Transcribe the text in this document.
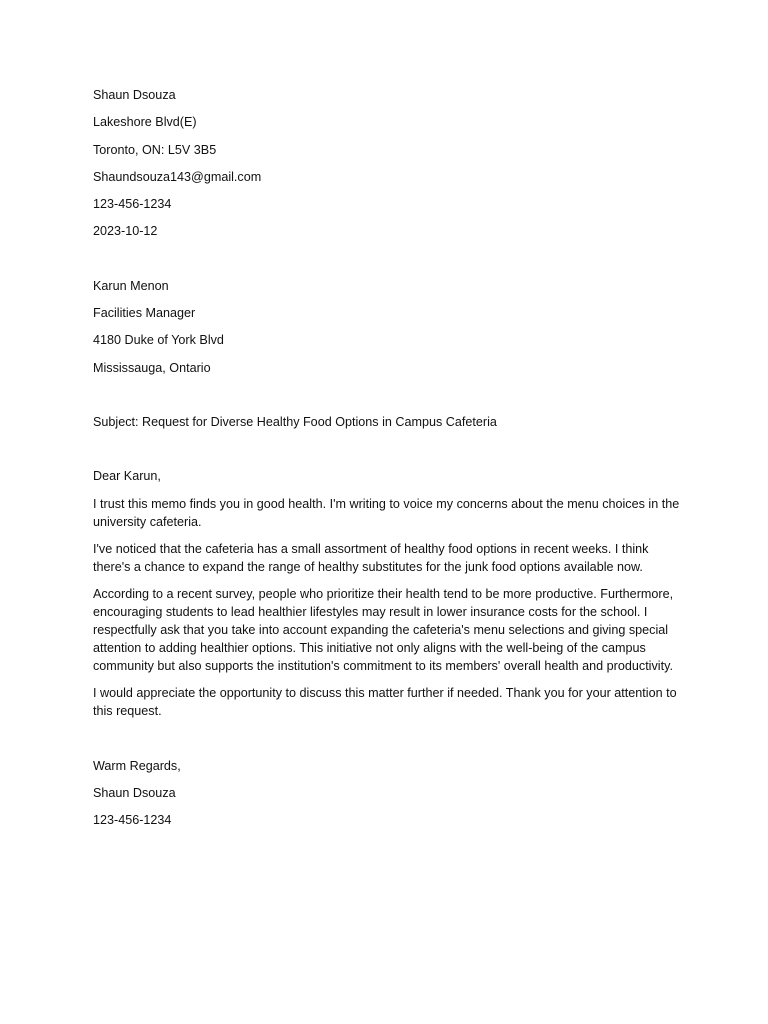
Shaun Dsouza
Lakeshore Blvd(E)
Toronto, ON: L5V 3B5
Shaundsouza143@gmail.com
123-456-1234
2023-10-12
Karun Menon
Facilities Manager
4180 Duke of York Blvd
Mississauga, Ontario
Subject: Request for Diverse Healthy Food Options in Campus Cafeteria
Dear Karun,

I trust this memo finds you in good health. I'm writing to voice my concerns about the menu choices in the university cafeteria.

I've noticed that the cafeteria has a small assortment of healthy food options in recent weeks. I think there's a chance to expand the range of healthy substitutes for the junk food options available now.

According to a recent survey, people who prioritize their health tend to be more productive. Furthermore, encouraging students to lead healthier lifestyles may result in lower insurance costs for the school. I respectfully ask that you take into account expanding the cafeteria's menu selections and giving special attention to adding healthier options. This initiative not only aligns with the well-being of the campus community but also supports the institution's commitment to its members' overall health and productivity.

I would appreciate the opportunity to discuss this matter further if needed. Thank you for your attention to this request.

Warm Regards,
Shaun Dsouza
123-456-1234
